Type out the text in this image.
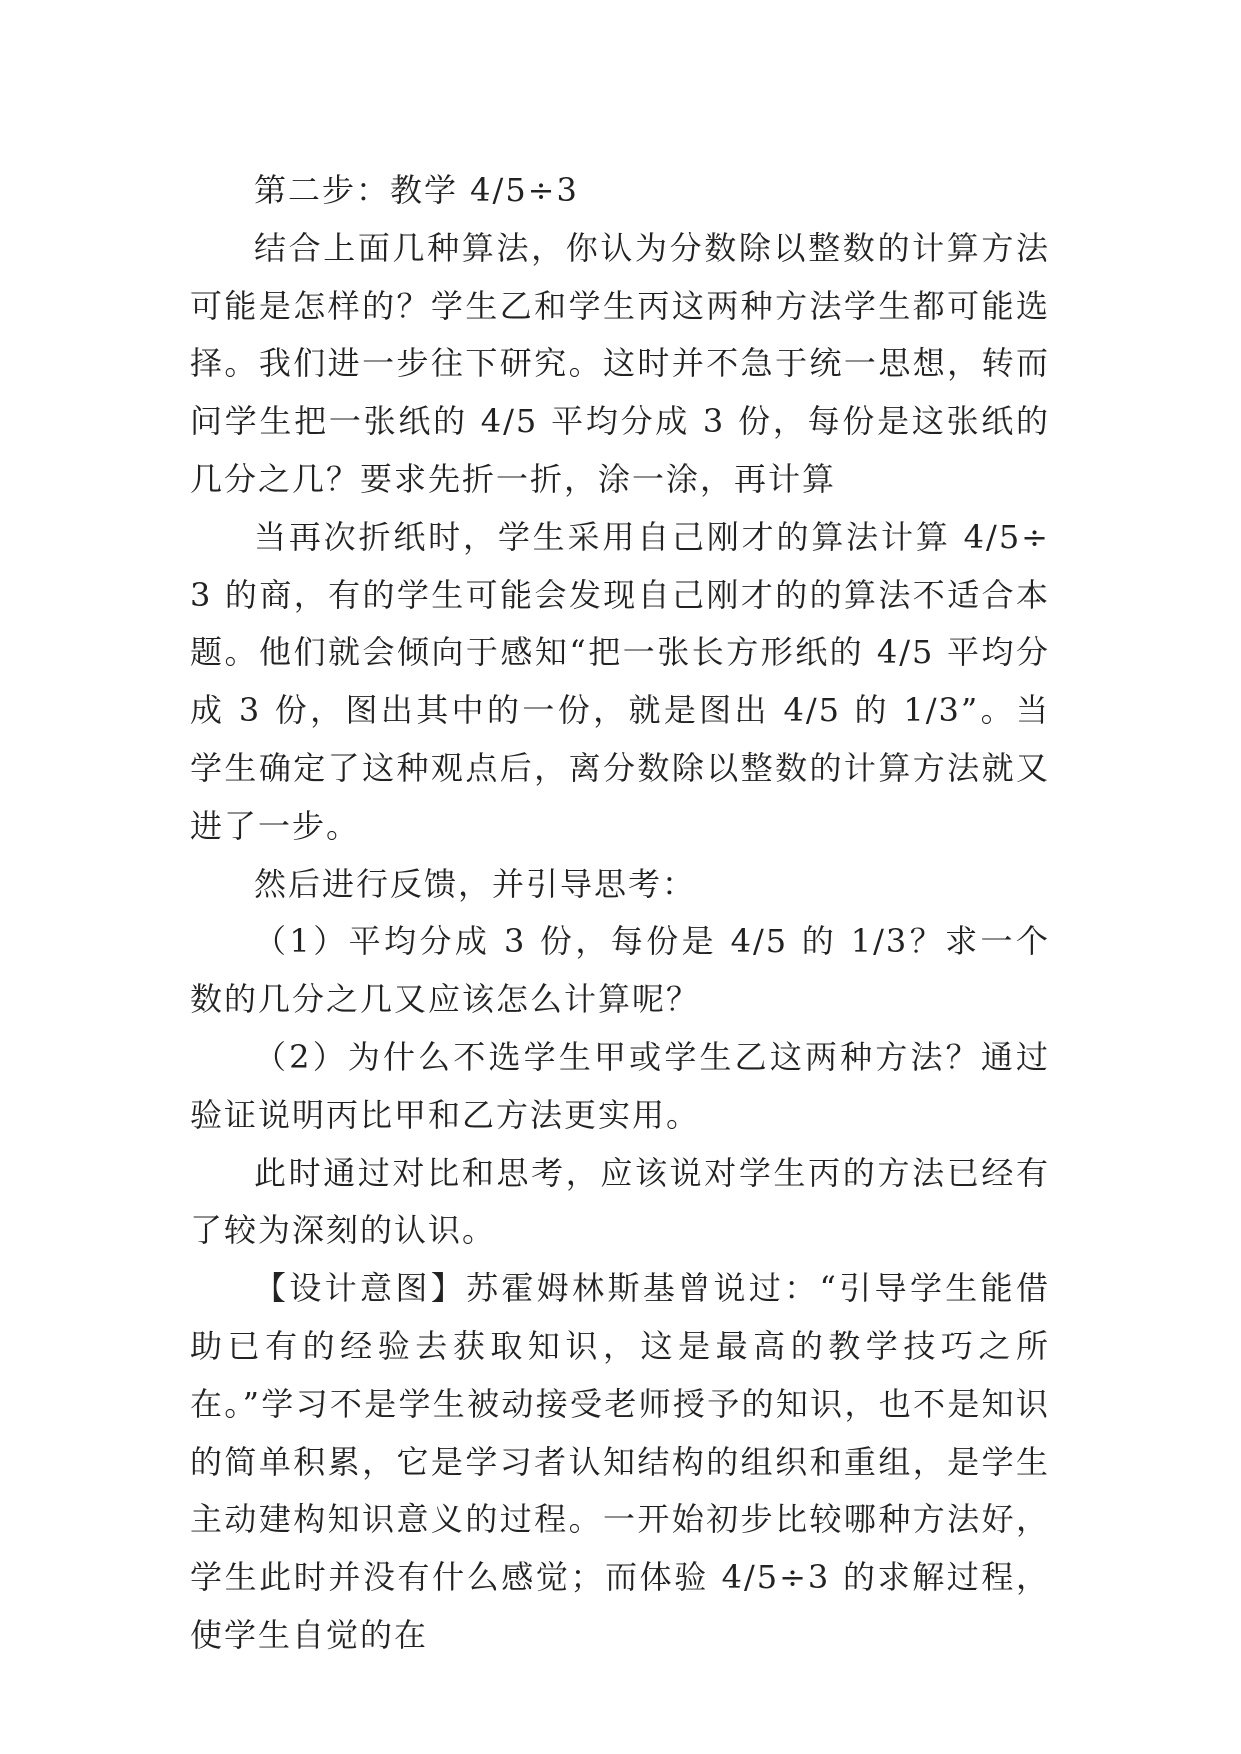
第二步：教学 4/5÷3

结合上面几种算法，你认为分数除以整数的计算方法可能是怎样的？学生乙和学生丙这两种方法学生都可能选择。我们进一步往下研究。这时并不急于统一思想，转而问学生把一张纸的 4/5 平均分成 3 份，每份是这张纸的几分之几？要求先折一折，涂一涂，再计算

当再次折纸时，学生采用自己刚才的算法计算 4/5÷3 的商，有的学生可能会发现自己刚才的的算法不适合本题。他们就会倾向于感知“把一张长方形纸的 4/5 平均分成 3 份，图出其中的一份，就是图出 4/5 的 1/3”。当学生确定了这种观点后，离分数除以整数的计算方法就又进了一步。

然后进行反馈，并引导思考：

（1）平均分成 3 份，每份是 4/5 的 1/3？求一个数的几分之几又应该怎么计算呢？

（2）为什么不选学生甲或学生乙这两种方法？通过验证说明丙比甲和乙方法更实用。

此时通过对比和思考，应该说对学生丙的方法已经有了较为深刻的认识。

【设计意图】苏霍姆林斯基曾说过：“引导学生能借助已有的经验去获取知识，这是最高的教学技巧之所在。”学习不是学生被动接受老师授予的知识，也不是知识的简单积累，它是学习者认知结构的组织和重组，是学生主动建构知识意义的过程。一开始初步比较哪种方法好，学生此时并没有什么感觉；而体验 4/5÷3 的求解过程，使学生自觉的在
